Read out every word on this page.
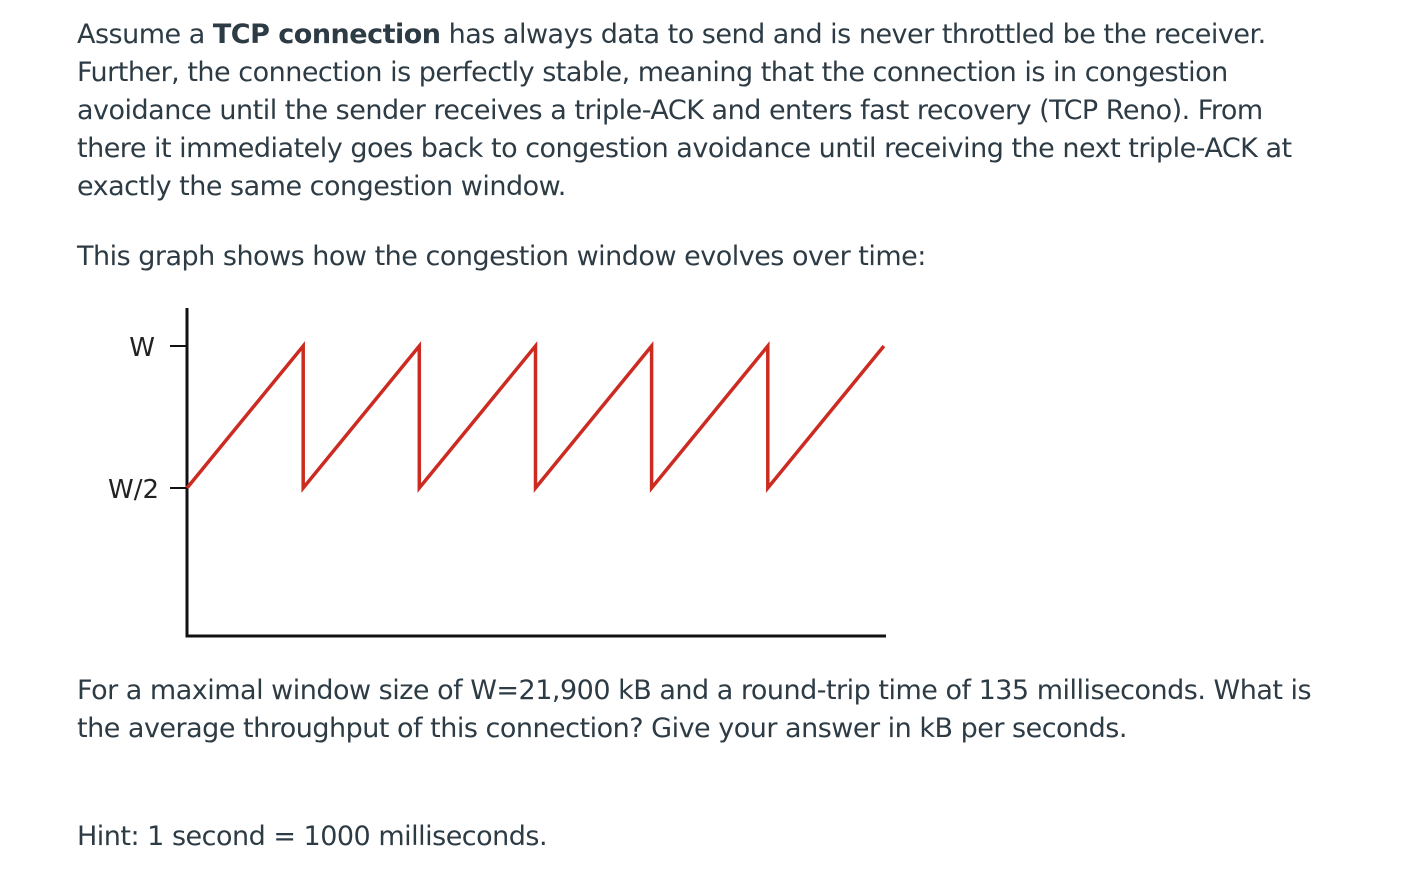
Assume a TCP connection has always data to send and is never throttled be the receiver. Further, the connection is perfectly stable, meaning that the connection is in congestion avoidance until the sender receives a triple-ACK and enters fast recovery (TCP Reno). From there it immediately goes back to congestion avoidance until receiving the next triple-ACK at exactly the same congestion window.

This graph shows how the congestion window evolves over time:

W
W/2

For a maximal window size of W=21,900 kB and a round-trip time of 135 milliseconds. What is the average throughput of this connection? Give your answer in kB per seconds.

Hint: 1 second = 1000 milliseconds.
